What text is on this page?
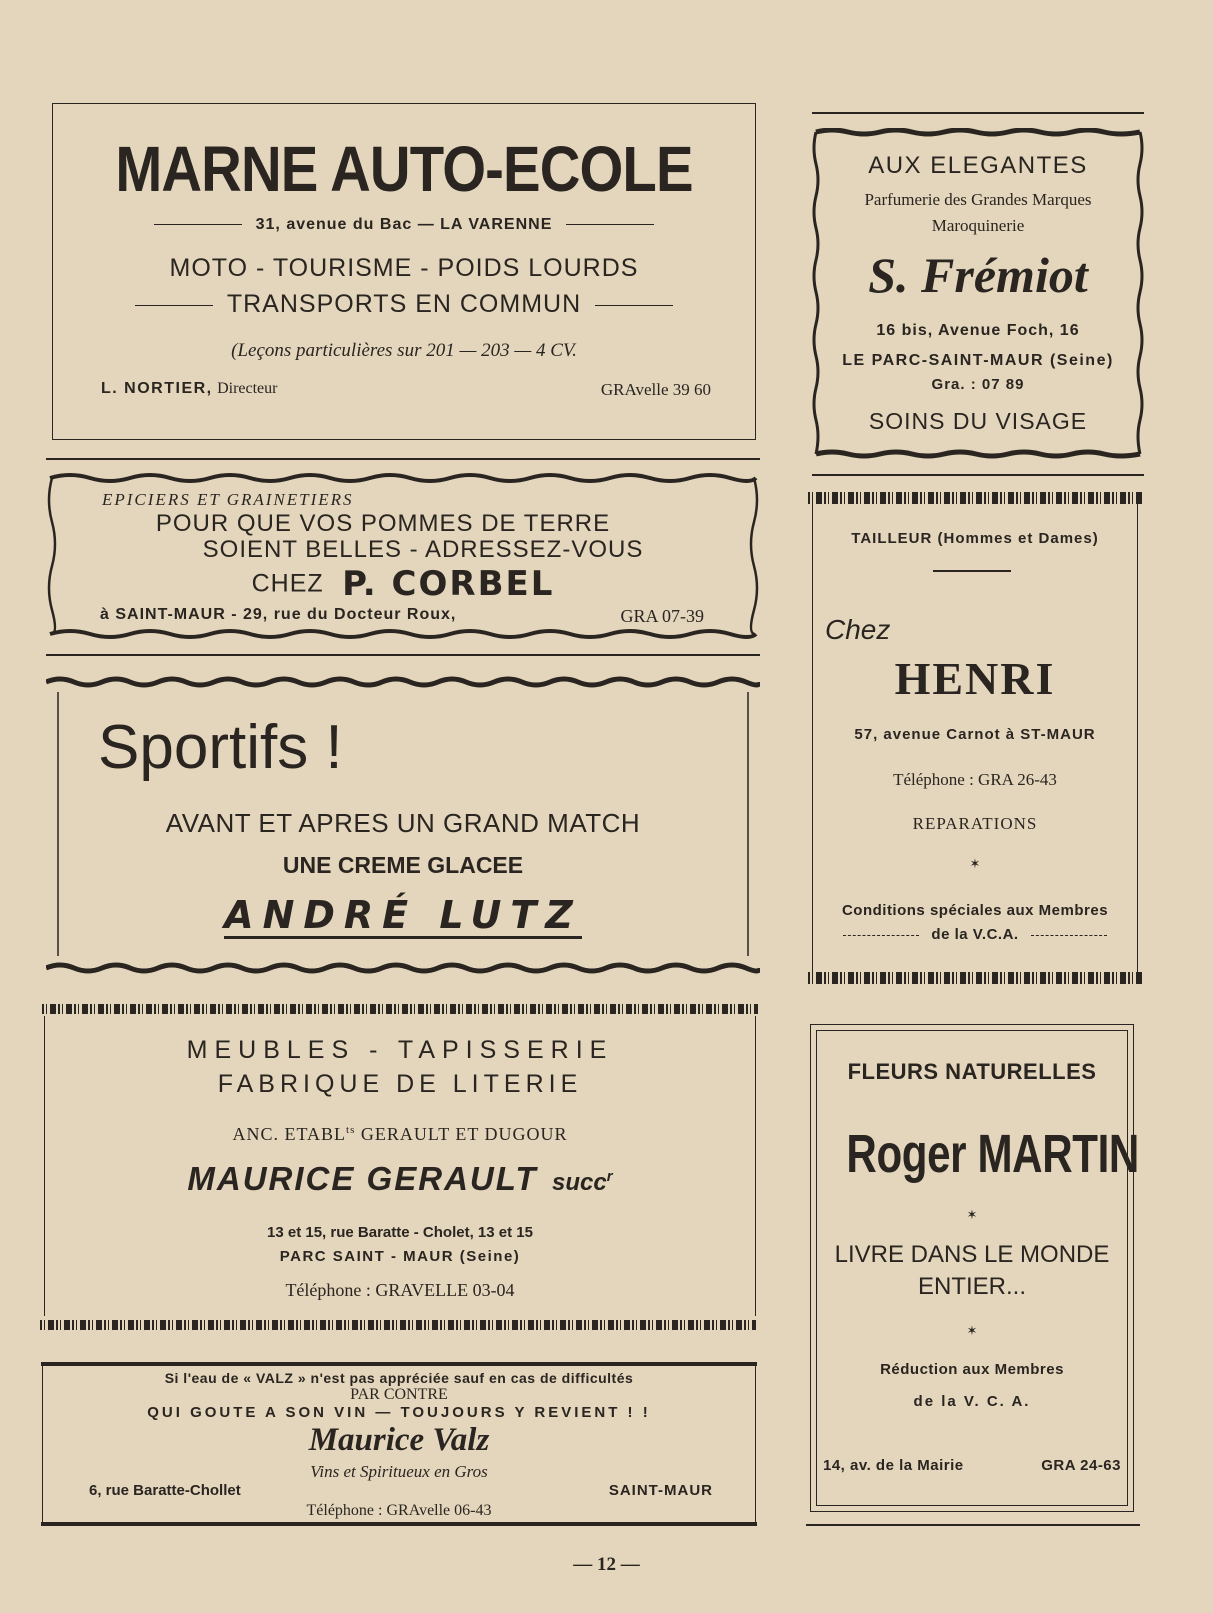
MARNE AUTO-ECOLE
31, avenue du Bac — LA VARENNE
MOTO - TOURISME - POIDS LOURDS
TRANSPORTS EN COMMUN
(Leçons particulières sur 201 — 203 — 4 CV.
L. NORTIER, Directeur	GRAvelle 39 60
AUX ELEGANTES
Parfumerie des Grandes Marques
Maroquinerie
S. Frémiot
16 bis, Avenue Foch, 16
LE PARC-SAINT-MAUR (Seine)
Gra. : 07 89
SOINS DU VISAGE
EPICIERS ET GRAINETIERS
POUR QUE VOS POMMES DE TERRE
SOIENT BELLES - ADRESSEZ-VOUS
CHEZ P. CORBEL
à SAINT-MAUR - 29, rue du Docteur Roux,	GRA 07-39
TAILLEUR (Hommes et Dames)
Chez
HENRI
57, avenue Carnot à ST-MAUR
Téléphone : GRA 26-43
REPARATIONS
✶
Conditions spéciales aux Membres
de la V.C.A.
Sportifs !
AVANT ET APRES UN GRAND MATCH
UNE CREME GLACEE
ANDRÉ LUTZ
MEUBLES - TAPISSERIE
FABRIQUE DE LITERIE
ANC. $ETABL^{ts}$ GERAULT ET DUGOUR
MAURICE GERAULT succ$^r$
13 et 15, rue Baratte - Cholet, 13 et 15
PARC SAINT - MAUR (Seine)
Téléphone : GRAVELLE 03-04
FLEURS NATURELLES
Roger MARTIN
✶
LIVRE DANS LE MONDE
ENTIER...
✶
Réduction aux Membres
de la V. C. A.
14, av. de la Mairie	GRA 24-63
Si l'eau de « VALZ » n'est pas appréciée sauf en cas de difficultés
PAR CONTRE
QUI GOUTE A SON VIN — TOUJOURS Y REVIENT ! !
Maurice Valz
Vins et Spiritueux en Gros
6, rue Baratte-Chollet	SAINT-MAUR
Téléphone : GRAvelle 06-43
— 12 —
